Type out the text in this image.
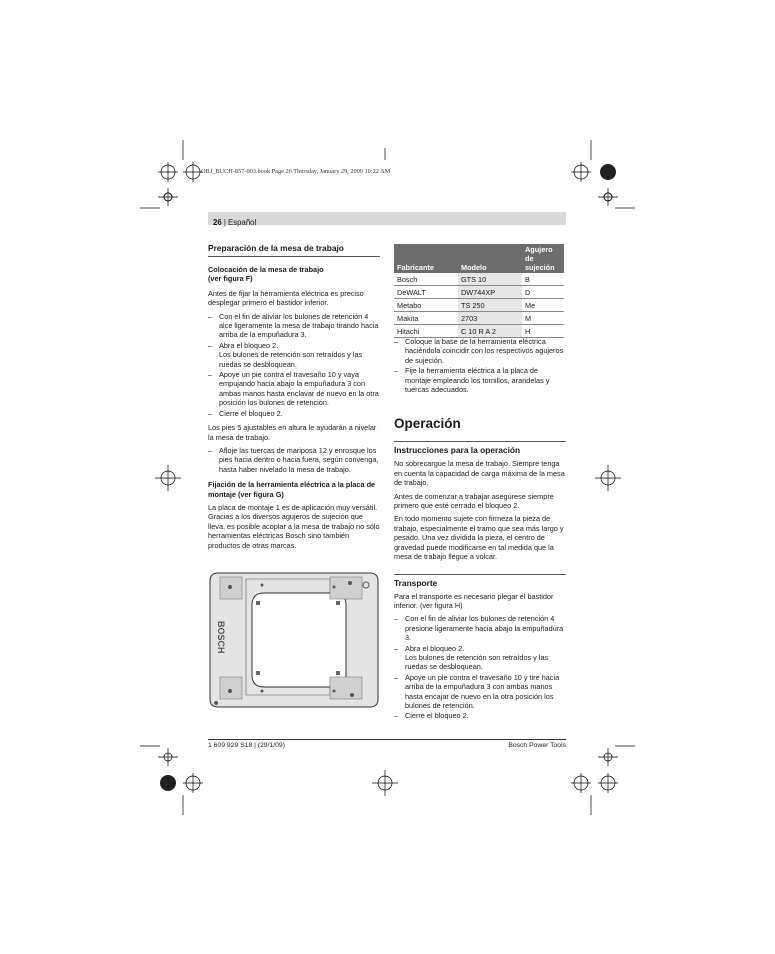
OBJ_BUCH-857-003.book Page 26 Thursday, January 29, 2009 10:22 AM
26 | Español
Preparación de la mesa de trabajo
Colocación de la mesa de trabajo
(ver figura F)

Antes de fijar la herramienta eléctrica es preciso desplegar primero el bastidor inferior.

– Con el fin de aliviar los bulones de retención 4 alce ligeramente la mesa de trabajo tirando hacia arriba de la empuñadura 3.
– Abra el bloqueo 2.
Los bulones de retención son retraídos y las ruedas se desbloquean.
– Apoye un pie contra el travesaño 10 y vaya empujando hacia abajo la empuñadura 3 con ambas manos hasta enclavar de nuevo en la otra posición los bulones de retención.
– Cierre el bloqueo 2.

Los pies 5 ajustables en altura le ayudarán a nivelar la mesa de trabajo.

– Afloje las tuercas de mariposa 12 y enrosque los pies hacia dentro o hacia fuera, según convenga, hasta haber nivelado la mesa de trabajo.
Fijación de la herramienta eléctrica a la placa de montaje (ver figura G)

La placa de montaje 1 es de aplicación muy versátil. Gracias a los diversos agujeros de sujeción que lleva, es posible acoplar a la mesa de trabajo no sólo herramientas eléctricas Bosch sino también productos de otras marcas.

BOSCH
Fabricante	Modelo	Agujero de sujeción
Bosch	GTS 10	B
DeWALT	DW744XP	D
Metabo	TS 250	Me
Makita	2703	M
Hitachi	C 10 R A 2	H
– Coloque la base de la herramienta eléctrica haciéndola coincidir con los respectivos agujeros de sujeción.
– Fije la herramienta eléctrica a la placa de montaje empleando los tornillos, arandelas y tuercas adecuados.
Operación
Instrucciones para la operación

No sobrecargue la mesa de trabajo. Siempre tenga en cuenta la capacidad de carga máxima de la mesa de trabajo.

Antes de comenzar a trabajar asegúrese siempre primero que esté cerrado el bloqueo 2.

En todo momento sujete con firmeza la pieza de trabajo, especialmente el tramo que sea más largo y pesado. Una vez dividida la pieza, el centro de gravedad puede modificarse en tal medida que la mesa de trabajo llegue a volcar.

Transporte

Para el transporte es necesario plegar el bastidor inferior. (ver figura H)

– Con el fin de aliviar los bulones de retención 4 presione ligeramente hacia abajo la empuñadura 3.
– Abra el bloqueo 2.
Los bulones de retención son retraídos y las ruedas se desbloquean.
– Apoye un pie contra el travesaño 10 y tire hacia arriba de la empuñadura 3 con ambas manos hasta encajar de nuevo en la otra posición los bulones de retención.
– Cierre el bloqueo 2.
1 609 929 S18 | (29/1/09)	Bosch Power Tools
